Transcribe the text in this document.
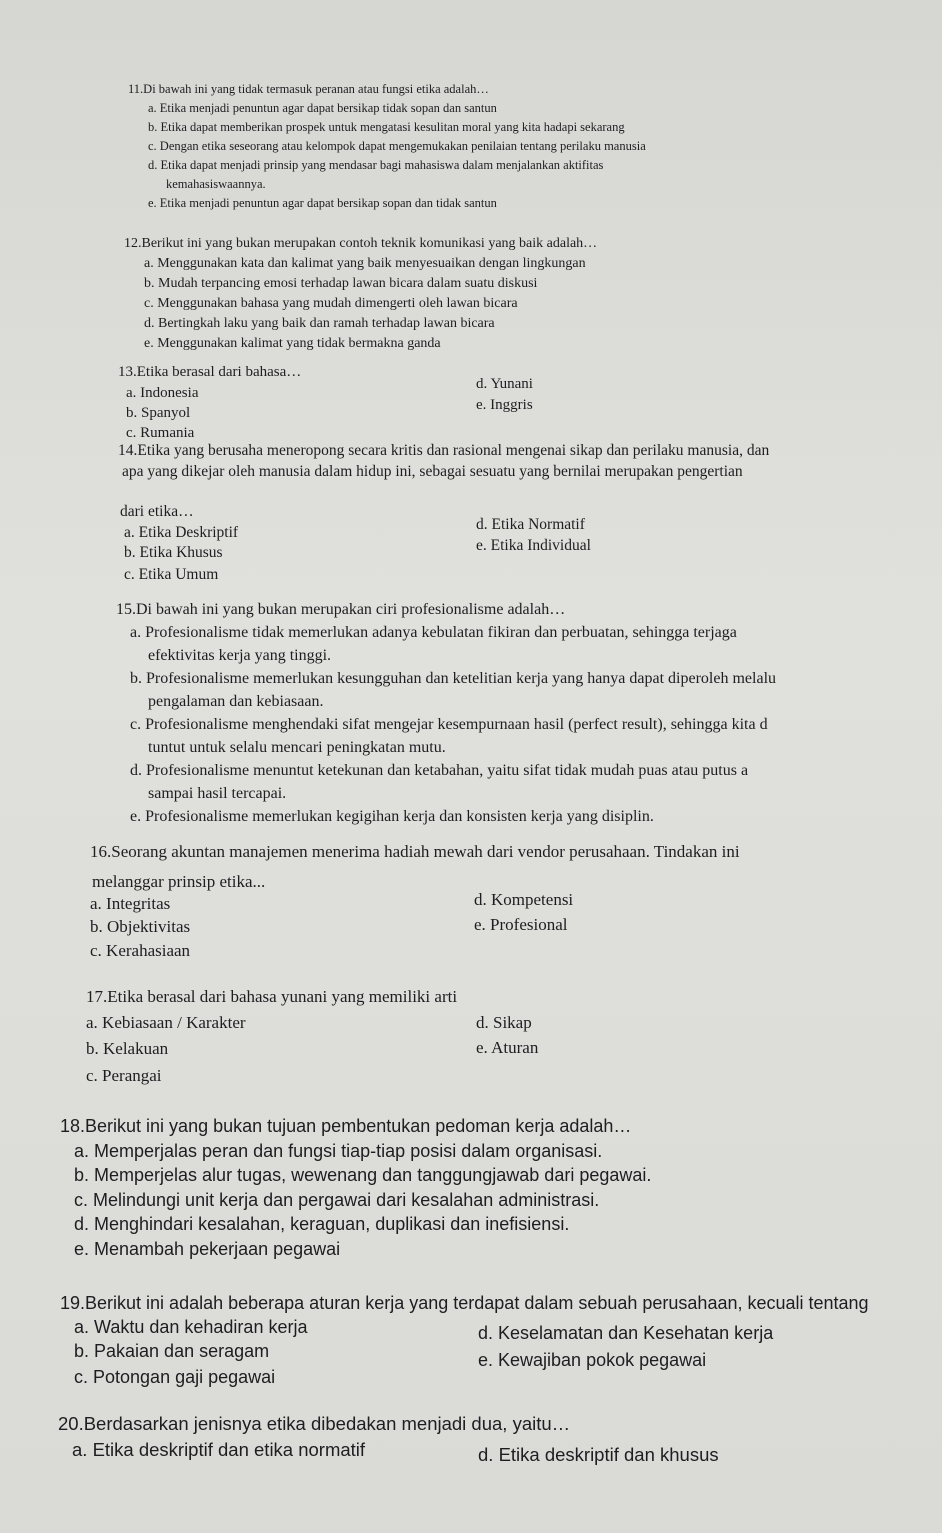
11.Di bawah ini yang tidak termasuk peranan atau fungsi etika adalah…
a. Etika menjadi penuntun agar dapat bersikap tidak sopan dan santun
b. Etika dapat memberikan prospek untuk mengatasi kesulitan moral yang kita hadapi sekarang
c. Dengan etika seseorang atau kelompok dapat mengemukakan penilaian tentang perilaku manusia
d. Etika dapat menjadi prinsip yang mendasar bagi mahasiswa dalam menjalankan aktifitas
kemahasiswaannya.
e. Etika menjadi penuntun agar dapat bersikap sopan dan tidak santun
12.Berikut ini yang bukan merupakan contoh teknik komunikasi yang baik adalah…
a. Menggunakan kata dan kalimat yang baik menyesuaikan dengan lingkungan
b. Mudah terpancing emosi terhadap lawan bicara dalam suatu diskusi
c. Menggunakan bahasa yang mudah dimengerti oleh lawan bicara
d. Bertingkah laku yang baik dan ramah terhadap lawan bicara
e. Menggunakan kalimat yang tidak bermakna ganda
13.Etika berasal dari bahasa…
a. Indonesia
b. Spanyol
c. Rumania
d. Yunani
e. Inggris
14.Etika yang berusaha meneropong secara kritis dan rasional mengenai sikap dan perilaku manusia, dan
apa yang dikejar oleh manusia dalam hidup ini, sebagai sesuatu yang bernilai merupakan pengertian
dari etika…
a. Etika Deskriptif
b. Etika Khusus
c. Etika Umum
d. Etika Normatif
e. Etika Individual
15.Di bawah ini yang bukan merupakan ciri profesionalisme adalah…
a. Profesionalisme tidak memerlukan adanya kebulatan fikiran dan perbuatan, sehingga terjaga
efektivitas kerja yang tinggi.
b. Profesionalisme memerlukan kesungguhan dan ketelitian kerja yang hanya dapat diperoleh melalu
pengalaman dan kebiasaan.
c. Profesionalisme menghendaki sifat mengejar kesempurnaan hasil (perfect result), sehingga kita d
tuntut untuk selalu mencari peningkatan mutu.
d. Profesionalisme menuntut ketekunan dan ketabahan, yaitu sifat tidak mudah puas atau putus a
sampai hasil tercapai.
e. Profesionalisme memerlukan kegigihan kerja dan konsisten kerja yang disiplin.
16.Seorang akuntan manajemen menerima hadiah mewah dari vendor perusahaan. Tindakan ini
melanggar prinsip etika...
a. Integritas
b. Objektivitas
c. Kerahasiaan
d. Kompetensi
e. Profesional
17.Etika berasal dari bahasa yunani yang memiliki arti
a. Kebiasaan / Karakter
b. Kelakuan
c. Perangai
d. Sikap
e. Aturan
18.Berikut ini yang bukan tujuan pembentukan pedoman kerja adalah…
a. Memperjalas peran dan fungsi tiap-tiap posisi dalam organisasi.
b. Memperjelas alur tugas, wewenang dan tanggungjawab dari pegawai.
c. Melindungi unit kerja dan pergawai dari kesalahan administrasi.
d. Menghindari kesalahan, keraguan, duplikasi dan inefisiensi.
e. Menambah pekerjaan pegawai
19.Berikut ini adalah beberapa aturan kerja yang terdapat dalam sebuah perusahaan, kecuali tentang
a. Waktu dan kehadiran kerja
b. Pakaian dan seragam
c. Potongan gaji pegawai
d. Keselamatan dan Kesehatan kerja
e. Kewajiban pokok pegawai
20.Berdasarkan jenisnya etika dibedakan menjadi dua, yaitu…
a. Etika deskriptif dan etika normatif	d. Etika deskriptif dan khusus
